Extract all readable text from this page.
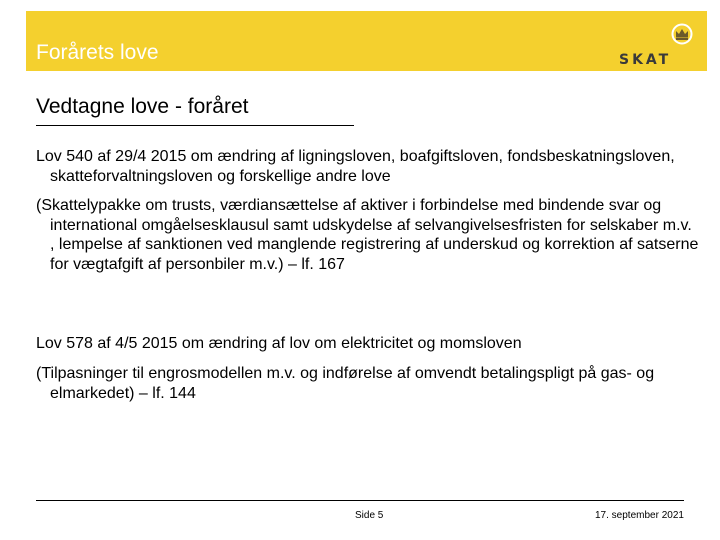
Forårets love	SKAT
Vedtagne love - foråret
Lov 540 af 29/4 2015 om ændring af ligningsloven, boafgiftsloven, fondsbeskatningsloven, skatteforvaltningsloven og forskellige andre love
(Skattelypakke om trusts, værdiansættelse af aktiver i forbindelse med bindende svar og international omgåelsesklausul samt udskydelse af selvangivelsesfristen for selskaber m.v. , lempelse af sanktionen ved manglende registrering af underskud og korrektion af satserne for vægtafgift af personbiler m.v.) – lf. 167
Lov 578 af 4/5 2015 om ændring af lov om elektricitet og momsloven
(Tilpasninger til engrosmodellen m.v. og indførelse af omvendt betalingspligt på gas- og elmarkedet) – lf. 144
Side 5	17. september 2021
